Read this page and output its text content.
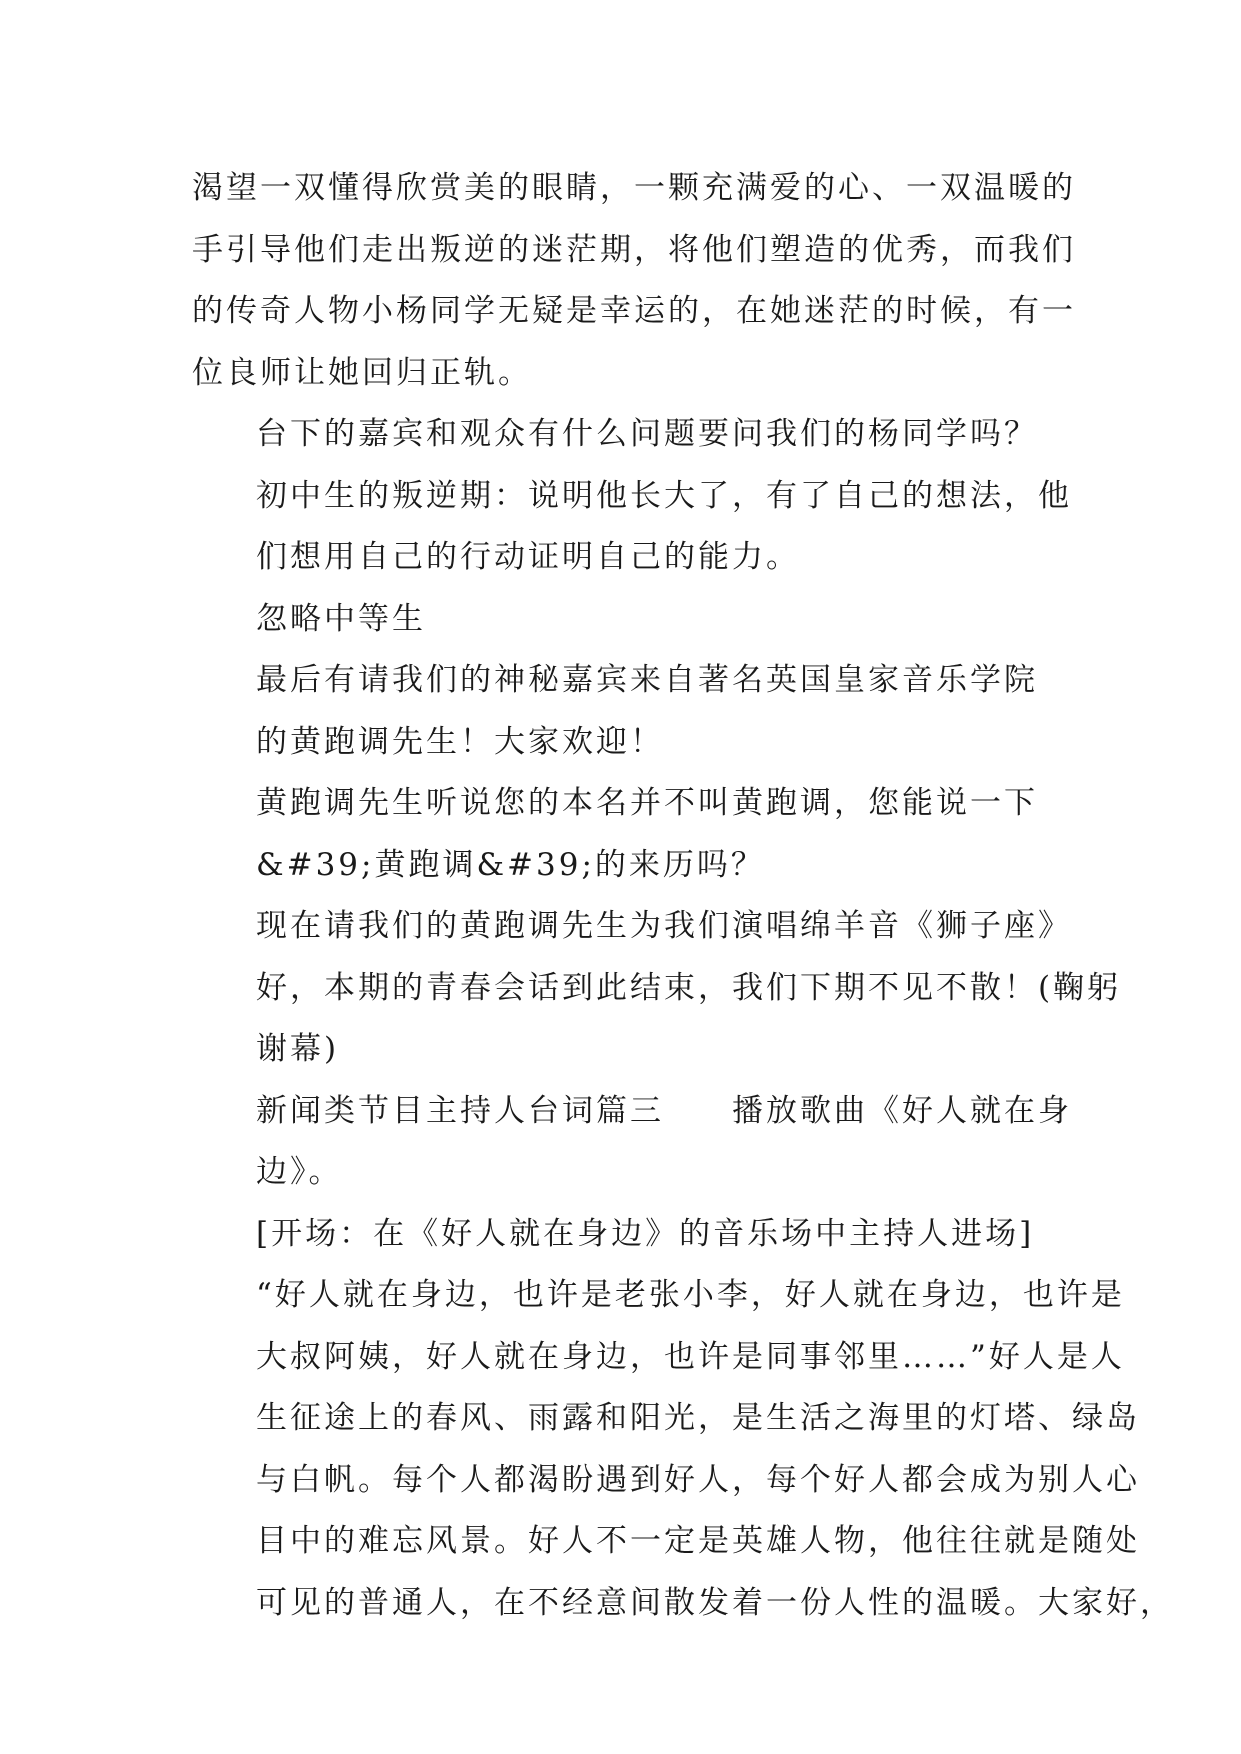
渴望一双懂得欣赏美的眼睛，一颗充满爱的心、一双温暖的
手引导他们走出叛逆的迷茫期，将他们塑造的优秀，而我们
的传奇人物小杨同学无疑是幸运的，在她迷茫的时候，有一
位良师让她回归正轨。

台下的嘉宾和观众有什么问题要问我们的杨同学吗？

初中生的叛逆期：说明他长大了，有了自己的想法，他
们想用自己的行动证明自己的能力。

忽略中等生

最后有请我们的神秘嘉宾来自著名英国皇家音乐学院
的黄跑调先生！大家欢迎！

黄跑调先生听说您的本名并不叫黄跑调，您能说一下
&#39;黄跑调&#39;的来历吗？

现在请我们的黄跑调先生为我们演唱绵羊音《狮子座》
好，本期的青春会话到此结束，我们下期不见不散！(鞠躬
谢幕)

新闻类节目主持人台词篇三　　播放歌曲《好人就在身
边》。

[开场：在《好人就在身边》的音乐场中主持人进场]
“好人就在身边，也许是老张小李，好人就在身边，也许是
大叔阿姨，好人就在身边，也许是同事邻里……”好人是人
生征途上的春风、雨露和阳光，是生活之海里的灯塔、绿岛
与白帆。每个人都渴盼遇到好人，每个好人都会成为别人心
目中的难忘风景。好人不一定是英雄人物，他往往就是随处
可见的普通人，在不经意间散发着一份人性的温暖。大家好，
